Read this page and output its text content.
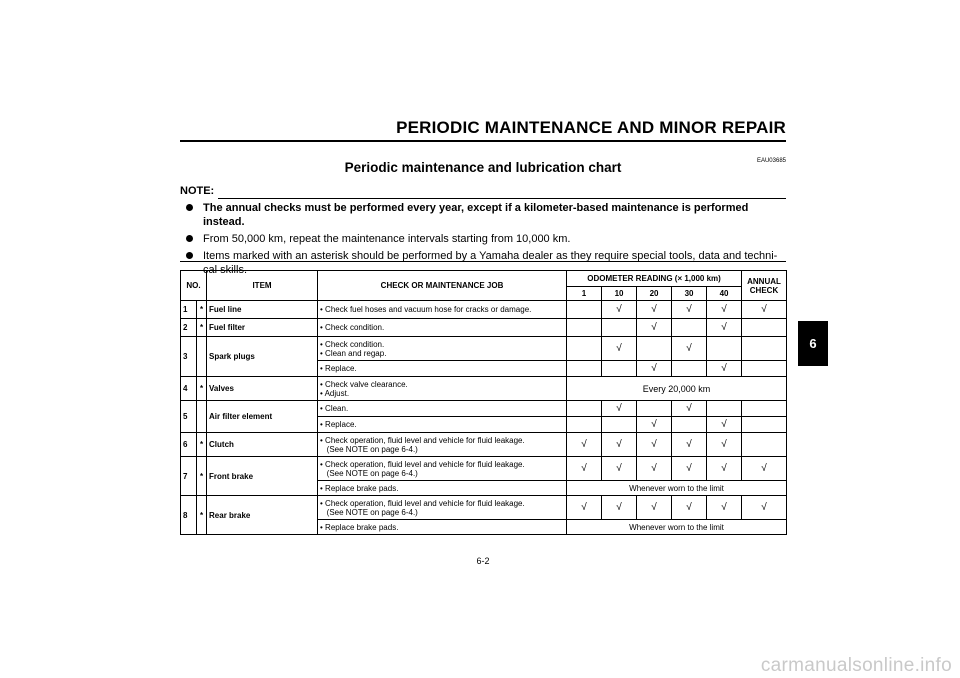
PERIODIC MAINTENANCE AND MINOR REPAIR
EAU03685
Periodic maintenance and lubrication chart
NOTE:
The annual checks must be performed every year, except if a kilometer-based maintenance is performed instead.
From 50,000 km, repeat the maintenance intervals starting from 10,000 km.
Items marked with an asterisk should be performed by a Yamaha dealer as they require special tools, data and techni-cal skills.
6
NO.		ITEM	CHECK OR MAINTENANCE JOB	ODOMETER READING (× 1,000 km)					ANNUAL CHECK
				1	10	20	30	40	
1	*	Fuel line	• Check fuel hoses and vacuum hose for cracks or damage.		√	√	√	√	√
2	*	Fuel filter	• Check condition.			√		√	
3		Spark plugs	• Check condition.
• Clean and regap.		√		√		

			• Replace.			√		√	
4	*	Valves	• Check valve clearance.
• Adjust.	Every 20,000 km					
5		Air filter element	• Clean.		√		√		

			• Replace.			√		√	
6	*	Clutch	• Check operation, fluid level and vehicle for fluid leakage.
(See NOTE on page 6-4.)	√	√	√	√	√	
7	*	Front brake	• Check operation, fluid level and vehicle for fluid leakage.
(See NOTE on page 6-4.)	√	√	√	√	√	√

			• Replace brake pads.	Whenever worn to the limit					
8	*	Rear brake	• Check operation, fluid level and vehicle for fluid leakage.
(See NOTE on page 6-4.)	√	√	√	√	√	√

			• Replace brake pads.	Whenever worn to the limit					
6-2
carmanualsonline.info
